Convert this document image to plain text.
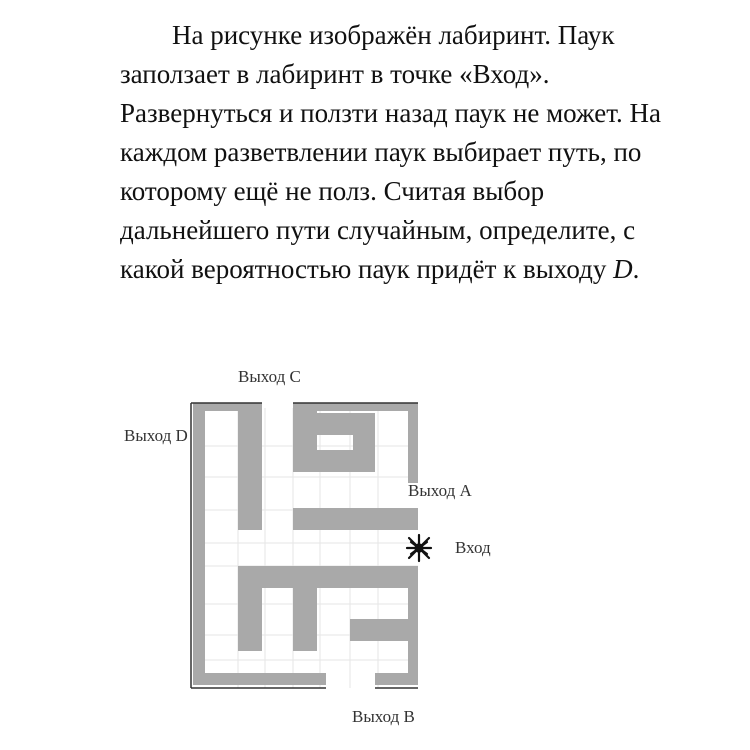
На рисунке изображён лабиринт. Паук
заползает в лабиринт в точке «Вход».
Развернуться и ползти назад паук не может. На
каждом разветвлении паук выбирает путь, по
которому ещё не полз. Считая выбор
дальнейшего пути случайным, определите, с
какой вероятностью паук придёт к выходу D.
Выход C
Выход D
Выход A
Вход
Выход B
